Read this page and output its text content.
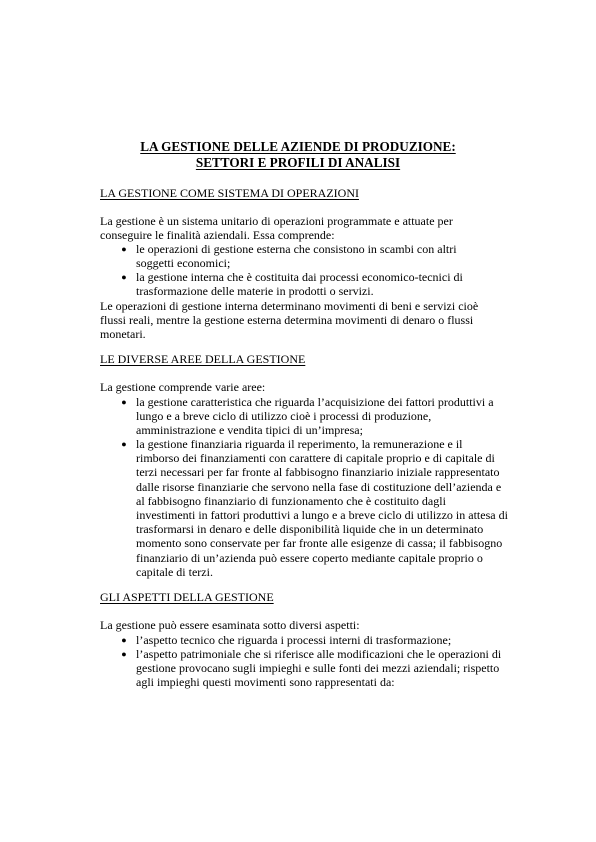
LA GESTIONE DELLE AZIENDE DI PRODUZIONE:
SETTORI E PROFILI DI ANALISI
LA GESTIONE COME SISTEMA DI OPERAZIONI

La gestione è un sistema unitario di operazioni programmate e attuate per conseguire le finalità aziendali. Essa comprende:

● le operazioni di gestione esterna che consistono in scambi con altri soggetti economici;

● la gestione interna che è costituita dai processi economico-tecnici di trasformazione delle materie in prodotti o servizi.

Le operazioni di gestione interna determinano movimenti di beni e servizi cioè flussi reali, mentre la gestione esterna determina movimenti di denaro o flussi monetari.

LE DIVERSE AREE DELLA GESTIONE

La gestione comprende varie aree:

● la gestione caratteristica che riguarda l’acquisizione dei fattori produttivi a lungo e a breve ciclo di utilizzo cioè i processi di produzione, amministrazione e vendita tipici di un’impresa;

● la gestione finanziaria riguarda il reperimento, la remunerazione e il rimborso dei finanziamenti con carattere di capitale proprio e di capitale di terzi necessari per far fronte al fabbisogno finanziario iniziale rappresentato dalle risorse finanziarie che servono nella fase di costituzione dell’azienda e al fabbisogno finanziario di funzionamento che è costituito dagli investimenti in fattori produttivi a lungo e a breve ciclo di utilizzo in attesa di trasformarsi in denaro e delle disponibilità liquide che in un determinato momento sono conservate per far fronte alle esigenze di cassa; il fabbisogno finanziario di un’azienda può essere coperto mediante capitale proprio o capitale di terzi.

GLI ASPETTI DELLA GESTIONE

La gestione può essere esaminata sotto diversi aspetti:

● l’aspetto tecnico che riguarda i processi interni di trasformazione;

● l’aspetto patrimoniale che si riferisce alle modificazioni che le operazioni di gestione provocano sugli impieghi e sulle fonti dei mezzi aziendali; rispetto agli impieghi questi movimenti sono rappresentati da:
